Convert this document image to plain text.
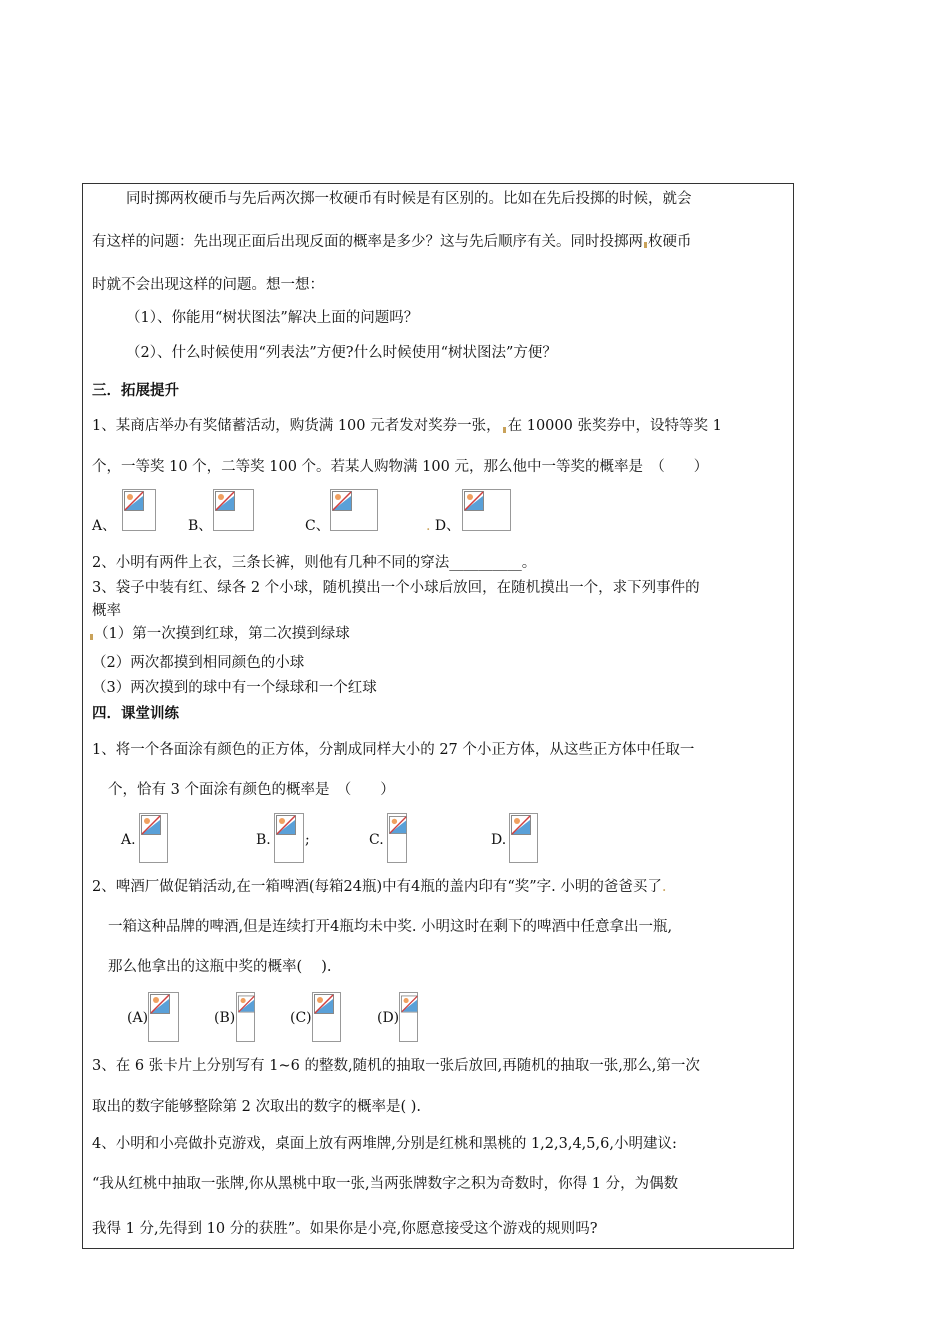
同时掷两枚硬币与先后两次掷一枚硬币有时候是有区别的。比如在先后投掷的时候，就会
有这样的问题：先出现正面后出现反面的概率是多少？这与先后顺序有关。同时投掷两 枚硬币
时就不会出现这样的问题。想一想：
（1）、你能用“树状图法”解决上面的问题吗？
（2）、什么时候使用“列表法”方便?什么时候使用“树状图法”方便？
三．拓展提升
1、某商店举办有奖储蓄活动，购货满 100 元者发对奖券一张， 在 10000 张奖券中，设特等奖 1
个，一等奖 10 个，二等奖 100 个。若某人购物满 100 元，那么他中一等奖的概率是　（　　）
A、	B、	C、	. D、
2、小明有两件上衣，三条长裤，则他有几种不同的穿法__________。
3、袋子中装有红、绿各 2 个小球，随机摸出一个小球后放回，在随机摸出一个，求下列事件的
概率
（1）第一次摸到红球，第二次摸到绿球
（2）两次都摸到相同颜色的小球
（3）两次摸到的球中有一个绿球和一个红球
四．课堂训练
1、将一个各面涂有颜色的正方体，分割成同样大小的 27 个小正方体，从这些正方体中任取一
个，恰有 3 个面涂有颜色的概率是　（　　）
A.	B. ;	C.	D.
2、啤酒厂做促销活动,在一箱啤酒(每箱24瓶)中有4瓶的盖内印有“奖”字. 小明的爸爸买了.
一箱这种品牌的啤酒,但是连续打开4瓶均未中奖. 小明这时在剩下的啤酒中任意拿出一瓶,
那么他拿出的这瓶中奖的概率(　 ).
(A)	(B)	(C)	(D)
3、在 6 张卡片上分别写有 1~6 的整数,随机的抽取一张后放回,再随机的抽取一张,那么,第一次
取出的数字能够整除第 2 次取出的数字的概率是( ).
4、小明和小亮做扑克游戏，桌面上放有两堆牌,分别是红桃和黑桃的 1,2,3,4,5,6,小明建议:
“我从红桃中抽取一张牌,你从黑桃中取一张,当两张牌数字之积为奇数时，你得 1 分，为偶数
我得 1 分,先得到 10 分的获胜”。如果你是小亮,你愿意接受这个游戏的规则吗?
